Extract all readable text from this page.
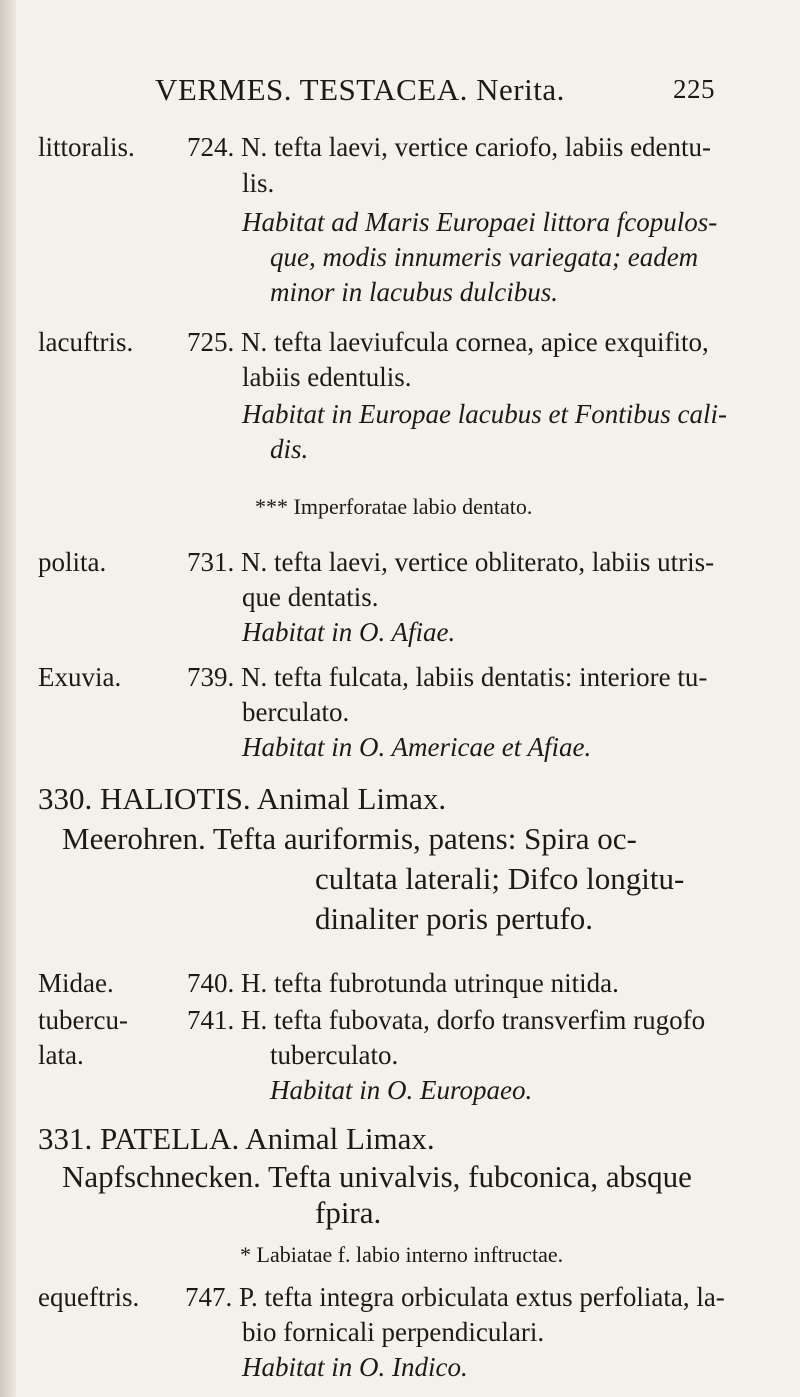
VERMES. TESTACEA. Nerita.	225
littoralis. 724. N. tefta laevi, vertice cariofo, labiis edentu-
lis.
Habitat ad Maris Europaei littora fcopulos-
que, modis innumeris variegata; eadem
minor in lacubus dulcibus.
lacuftris. 725. N. tefta laeviufcula cornea, apice exquifito,
labiis edentulis.
Habitat in Europae lacubus et Fontibus cali-
dis.
*** Imperforatae labio dentato.
polita.	731. N. tefta laevi, vertice obliterato, labiis utris-
que dentatis.
Habitat in O. Afiae.
Exuvia. 739. N. tefta fulcata, labiis dentatis: interiore tu-
berculato.
Habitat in O. Americae et Afiae.
330. HALIOTIS. Animal Limax.
Meerohren. Tefta auriformis, patens: Spira oc-
cultata laterali; Difco longitu-
dinaliter poris pertufo.
Midae.	740. H. tefta fubrotunda utrinque nitida.
tubercu-
lata.
741. H. tefta fubovata, dorfo transverfim rugofo
tuberculato.
Habitat in O. Europaeo.
331. PATELLA. Animal Limax.
Napfschnecken. Tefta univalvis, fubconica, absque
fpira.
* Labiatae f. labio interno inftructae.
equeftris. 747. P. tefta integra orbiculata extus perfoliata, la-
bio fornicali perpendiculari.
Habitat in O. Indico.
